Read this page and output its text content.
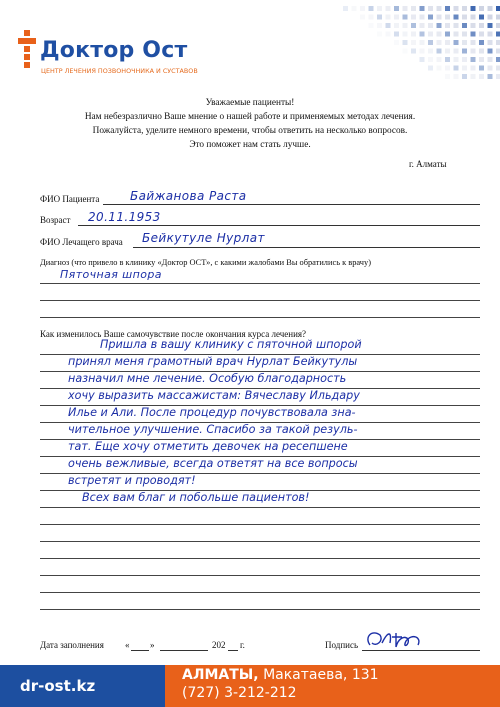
Доктор Ост
ЦЕНТР ЛЕЧЕНИЯ ПОЗВОНОЧНИКА И СУСТАВОВ
Уважаемые пациенты!
Нам небезразлично Ваше мнение о нашей работе и применяемых методах лечения.
Пожалуйста, уделите немного времени, чтобы ответить на несколько вопросов.
Это поможет нам стать лучше.
г. Алматы
ФИО Пациента	Байжанова Раста
Возраст 20.11.1953
ФИО Лечащего врача Бейкутуле Нурлат
Диагноз (что привело в клинику «Доктор ОСТ», с какими жалобами Вы обратились к врачу)
Пяточная шпора
Как изменилось Ваше самочувствие после окончания курса лечения?
Пришла в вашу клинику с пяточной шпорой
принял меня грамотный врач Нурлат Бейкутулы
назначил мне лечение. Особую благодарность
хочу выразить массажистам: Вячеславу Ильдару
Илье и Али. После процедур почувствовала зна-
чительное улучшение. Спасибо за такой резуль-
тат. Еще хочу отметить девочек на ресепшене
очень вежливые, всегда ответят на все вопросы
встретят и проводят!
Всех вам благ и побольше пациентов!
Дата заполнения « »	202 г.	Подпись
dr-ost.kz
АЛМАТЫ, Макатаева, 131
(727) 3-212-212
